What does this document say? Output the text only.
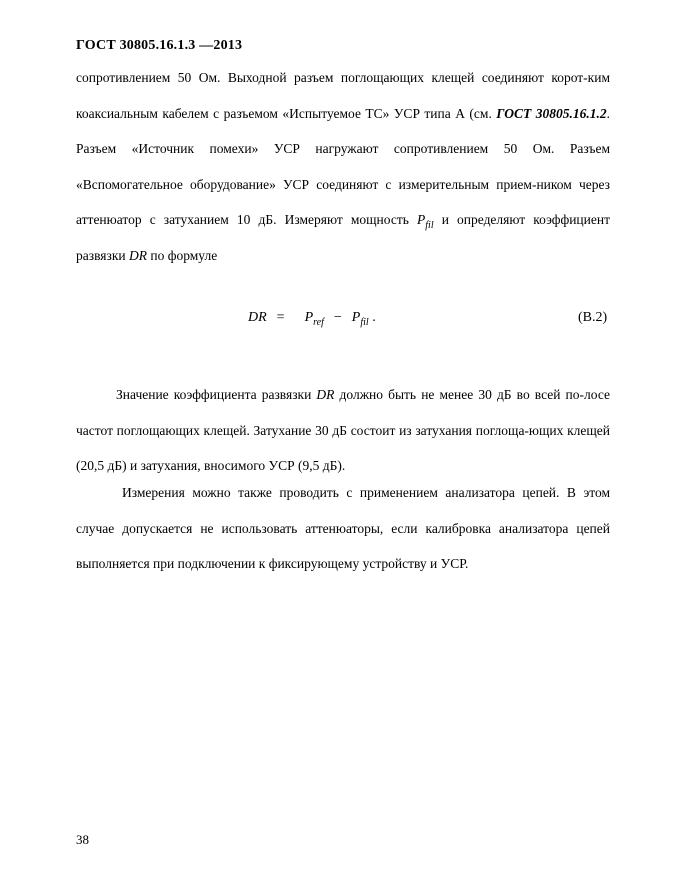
ГОСТ 30805.16.1.3 —2013
сопротивлением 50 Ом. Выходной разъем поглощающих клещей соединяют корот-ким коаксиальным кабелем с разъемом «Испытуемое ТС» УСР типа А (см. ГОСТ 30805.16.1.2. Разъем «Источник помехи» УСР нагружают сопротивлением 50 Ом. Разъем «Вспомогательное оборудование» УСР соединяют с измерительным прием-ником через аттенюатор с затуханием 10 дБ. Измеряют мощность $P_{fil}$ и определяют коэффициент развязки DR по формуле
DR = $P_{ref} - P_{fil}$ .	(В.2)
Значение коэффициента развязки DR должно быть не менее 30 дБ во всей по-лосе частот поглощающих клещей. Затухание 30 дБ состоит из затухания поглоща-ющих клещей (20,5 дБ) и затухания, вносимого УСР (9,5 дБ).
Измерения можно также проводить с применением анализатора цепей. В этом случае допускается не использовать аттенюаторы, если калибровка анализатора цепей выполняется при подключении к фиксирующему устройству и УСР.
38
